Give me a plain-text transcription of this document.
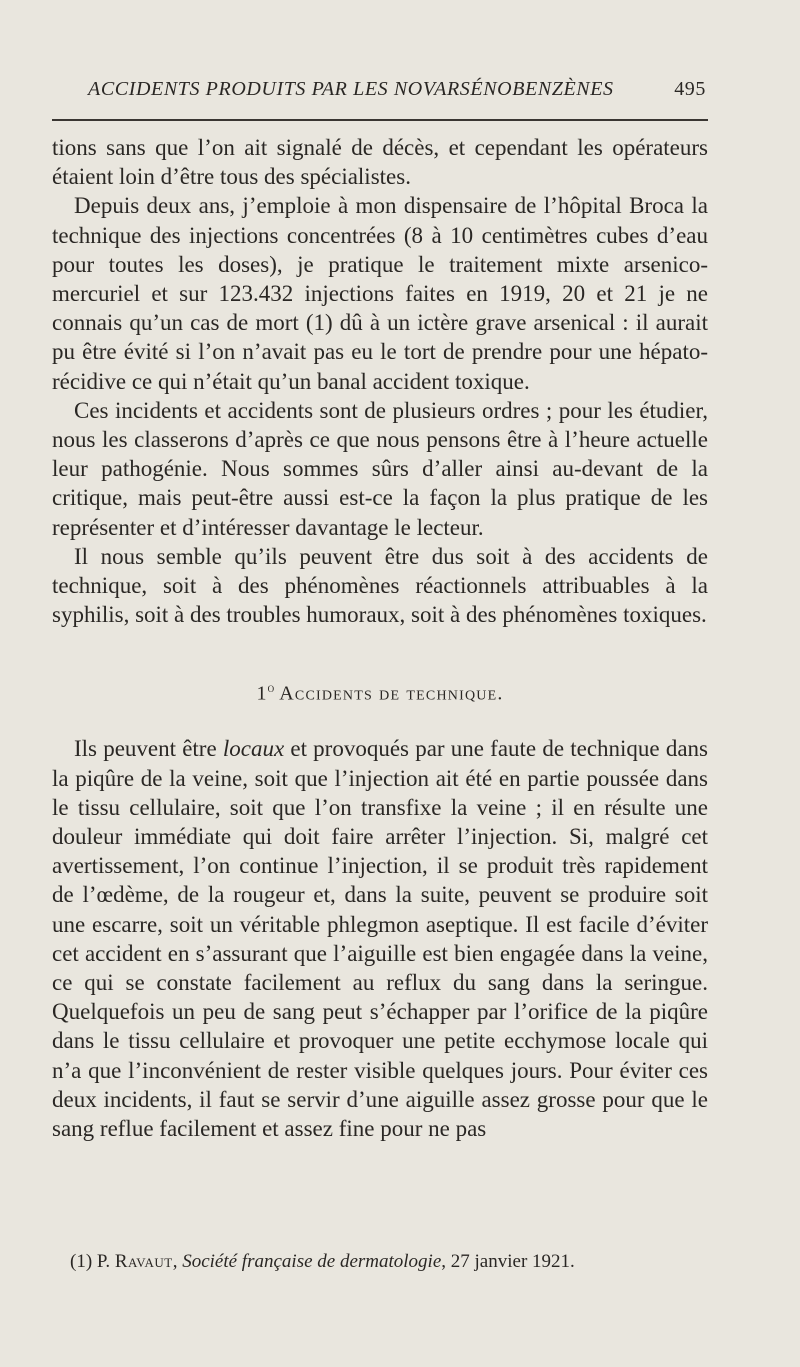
ACCIDENTS PRODUITS PAR LES NOVARSÉNOBENZÈNES	495

tions sans que l’on ait signalé de décès, et cependant les opérateurs étaient loin d’être tous des spécialistes.

Depuis deux ans, j’emploie à mon dispensaire de l’hôpital Broca la technique des injections concentrées (8 à 10 centimètres cubes d’eau pour toutes les doses), je pratique le traitement mixte arsenico-mercuriel et sur 123.432 injections faites en 1919, 20 et 21 je ne connais qu’un cas de mort (1) dû à un ictère grave arsenical : il aurait pu être évité si l’on n’avait pas eu le tort de prendre pour une hépato-récidive ce qui n’était qu’un banal accident toxique.

Ces incidents et accidents sont de plusieurs ordres ; pour les étudier, nous les classerons d’après ce que nous pensons être à l’heure actuelle leur pathogénie. Nous sommes sûrs d’aller ainsi au-devant de la critique, mais peut-être aussi est-ce la façon la plus pratique de les représenter et d’intéresser davantage le lecteur.

Il nous semble qu’ils peuvent être dus soit à des accidents de technique, soit à des phénomènes réactionnels attribuables à la syphilis, soit à des troubles humoraux, soit à des phénomènes toxiques.

1$^o$ Accidents de technique.

Ils peuvent être locaux et provoqués par une faute de technique dans la piqûre de la veine, soit que l’injection ait été en partie poussée dans le tissu cellulaire, soit que l’on transfixe la veine ; il en résulte une douleur immédiate qui doit faire arrêter l’injection. Si, malgré cet avertissement, l’on continue l’injection, il se produit très rapidement de l’œdème, de la rougeur et, dans la suite, peuvent se produire soit une escarre, soit un véritable phlegmon aseptique. Il est facile d’éviter cet accident en s’assurant que l’aiguille est bien engagée dans la veine, ce qui se constate facilement au reflux du sang dans la seringue. Quelquefois un peu de sang peut s’échapper par l’orifice de la piqûre dans le tissu cellulaire et provoquer une petite ecchymose locale qui n’a que l’inconvénient de rester visible quelques jours. Pour éviter ces deux incidents, il faut se servir d’une aiguille assez grosse pour que le sang reflue facilement et assez fine pour ne pas

(1) P. Ravaut, Société française de dermatologie, 27 janvier 1921.
